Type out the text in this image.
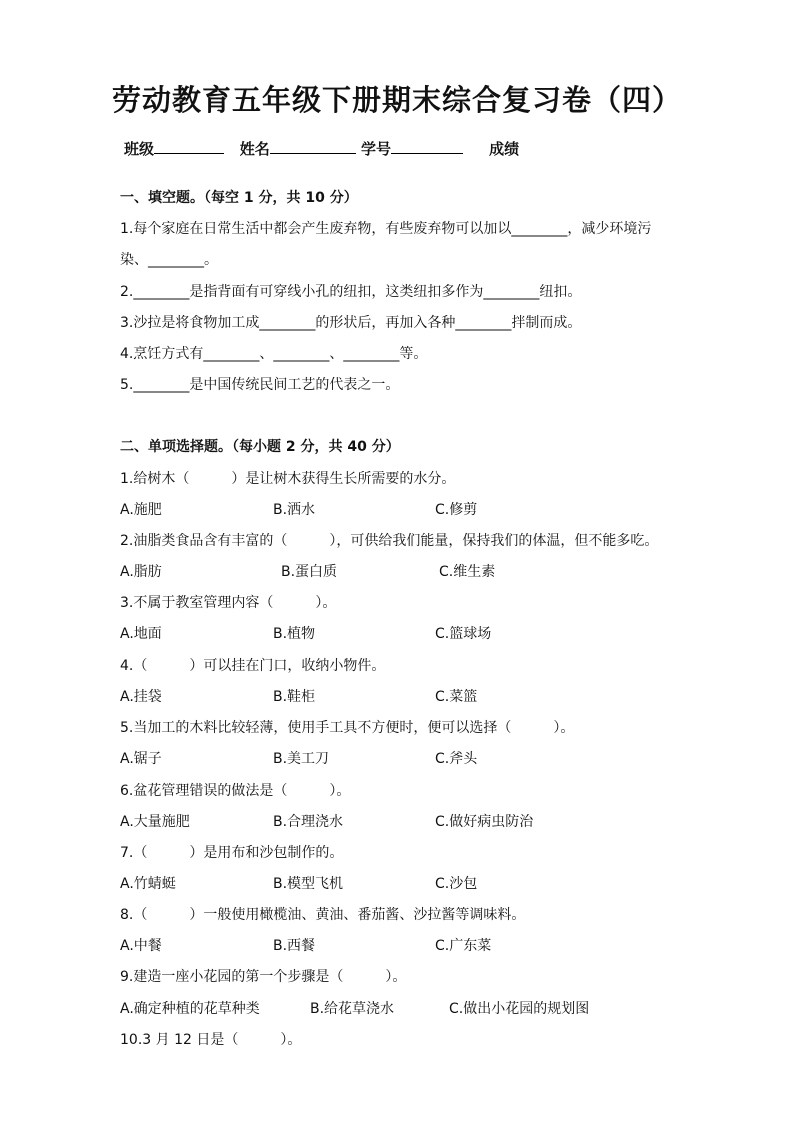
劳动教育五年级下册期末综合复习卷（四）
班级	姓名	学号	成绩
一、填空题。（每空 1 分，共 10 分）
1.每个家庭在日常生活中都会产生废弃物，有些废弃物可以加以________，减少环境污
染、________。
2.________是指背面有可穿线小孔的纽扣，这类纽扣多作为________纽扣。
3.沙拉是将食物加工成________的形状后，再加入各种________拌制而成。
4.烹饪方式有________、________、________等。
5.________是中国传统民间工艺的代表之一。
二、单项选择题。（每小题 2 分，共 40 分）
1.给树木（　　　）是让树木获得生长所需要的水分。
A.施肥	B.洒水	C.修剪
2.油脂类食品含有丰富的（　　　），可供给我们能量，保持我们的体温，但不能多吃。
A.脂肪	B.蛋白质	C.维生素
3.不属于教室管理内容（　　　）。
A.地面	B.植物	C.篮球场
4.（　　　）可以挂在门口，收纳小物件。
A.挂袋	B.鞋柜	C.菜篮
5.当加工的木料比较轻薄，使用手工具不方便时，便可以选择（　　　）。
A.锯子	B.美工刀	C.斧头
6.盆花管理错误的做法是（　　　）。
A.大量施肥	B.合理浇水	C.做好病虫防治
7.（　　　）是用布和沙包制作的。
A.竹蜻蜓	B.模型飞机	C.沙包
8.（　　　）一般使用橄榄油、黄油、番茄酱、沙拉酱等调味料。
A.中餐	B.西餐	C.广东菜
9.建造一座小花园的第一个步骤是（　　　）。
A.确定种植的花草种类	B.给花草浇水	C.做出小花园的规划图
10.3 月 12 日是（　　　）。
